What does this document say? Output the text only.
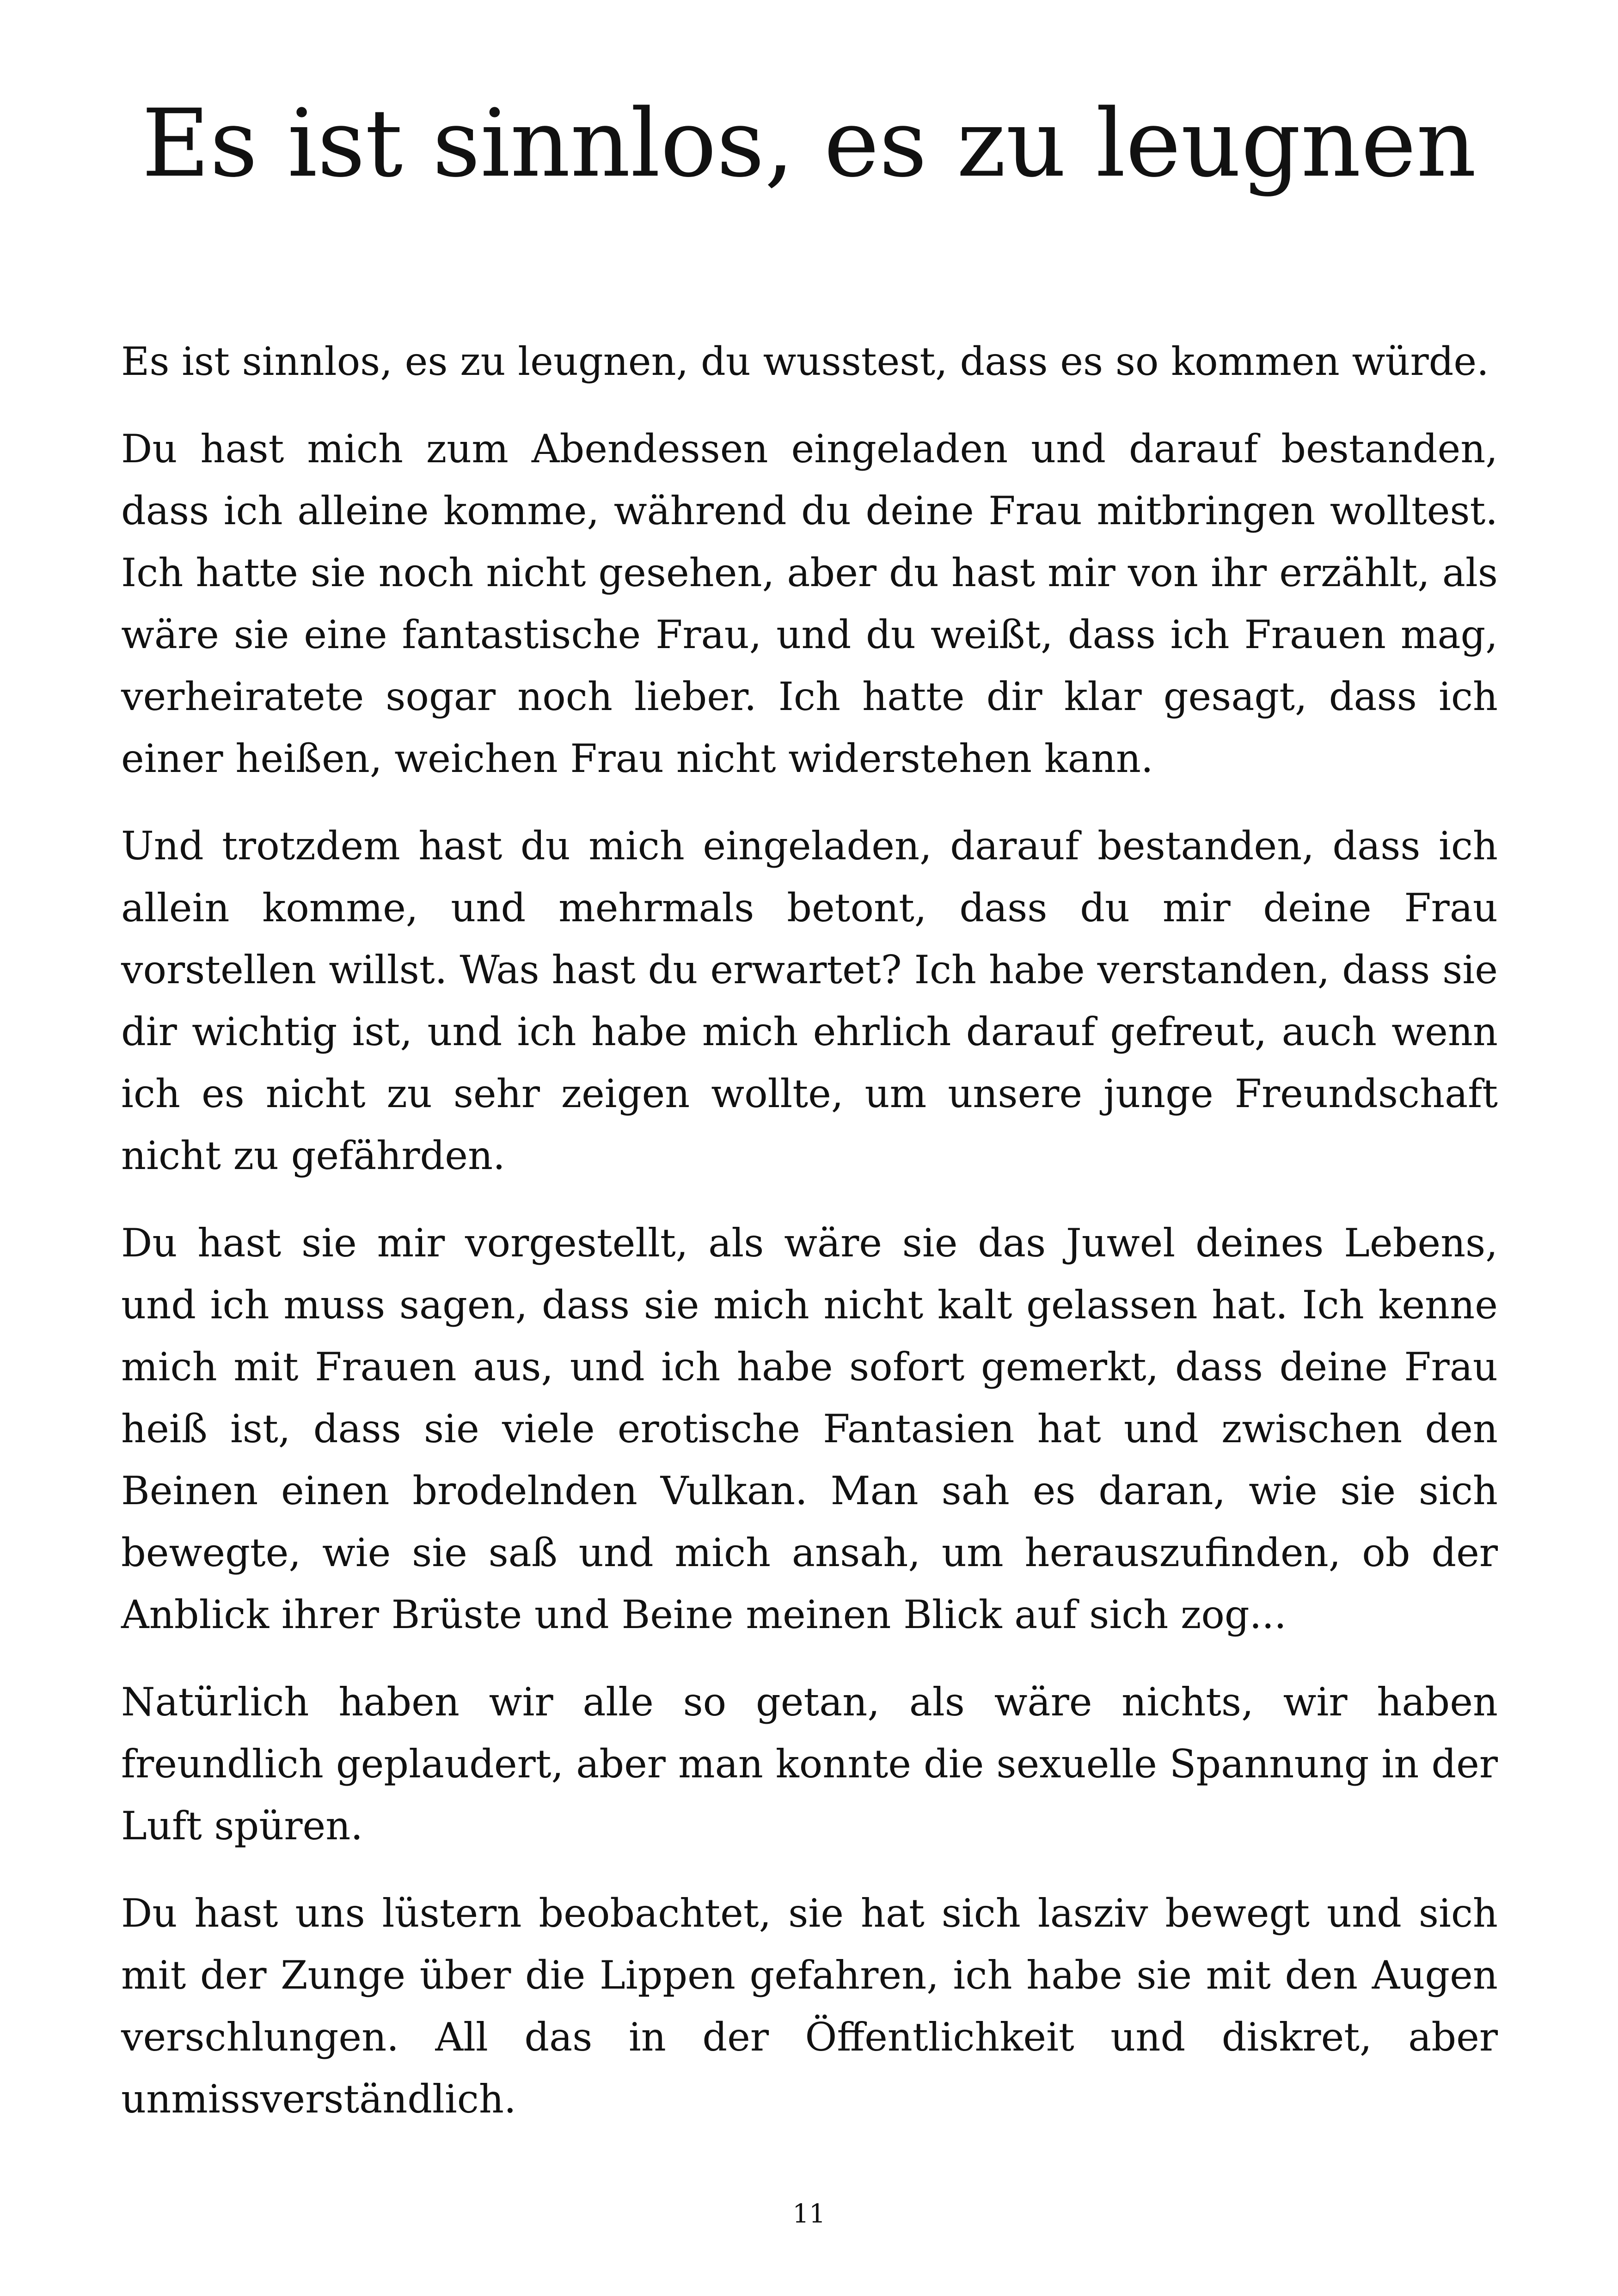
Es ist sinnlos, es zu leugnen

Es ist sinnlos, es zu leugnen, du wusstest, dass es so kommen würde.

Du hast mich zum Abendessen eingeladen und darauf bestanden, dass ich alleine komme, während du deine Frau mitbringen wolltest. Ich hatte sie noch nicht gesehen, aber du hast mir von ihr erzählt, als wäre sie eine fantastische Frau, und du weißt, dass ich Frauen mag, verheiratete sogar noch lieber. Ich hatte dir klar gesagt, dass ich einer heißen, weichen Frau nicht widerstehen kann.

Und trotzdem hast du mich eingeladen, darauf bestanden, dass ich allein komme, und mehrmals betont, dass du mir deine Frau vorstellen willst. Was hast du erwartet? Ich habe verstanden, dass sie dir wichtig ist, und ich habe mich ehrlich darauf gefreut, auch wenn ich es nicht zu sehr zeigen wollte, um unsere junge Freundschaft nicht zu gefährden.

Du hast sie mir vorgestellt, als wäre sie das Juwel deines Lebens, und ich muss sagen, dass sie mich nicht kalt gelassen hat. Ich kenne mich mit Frauen aus, und ich habe sofort gemerkt, dass deine Frau heiß ist, dass sie viele erotische Fantasien hat und zwischen den Beinen einen brodelnden Vulkan. Man sah es daran, wie sie sich bewegte, wie sie saß und mich ansah, um herauszufinden, ob der Anblick ihrer Brüste und Beine meinen Blick auf sich zog...

Natürlich haben wir alle so getan, als wäre nichts, wir haben freundlich geplaudert, aber man konnte die sexuelle Spannung in der Luft spüren.

Du hast uns lüstern beobachtet, sie hat sich lasziv bewegt und sich mit der Zunge über die Lippen gefahren, ich habe sie mit den Augen verschlungen. All das in der Öffentlichkeit und diskret, aber unmissverständlich.

11
